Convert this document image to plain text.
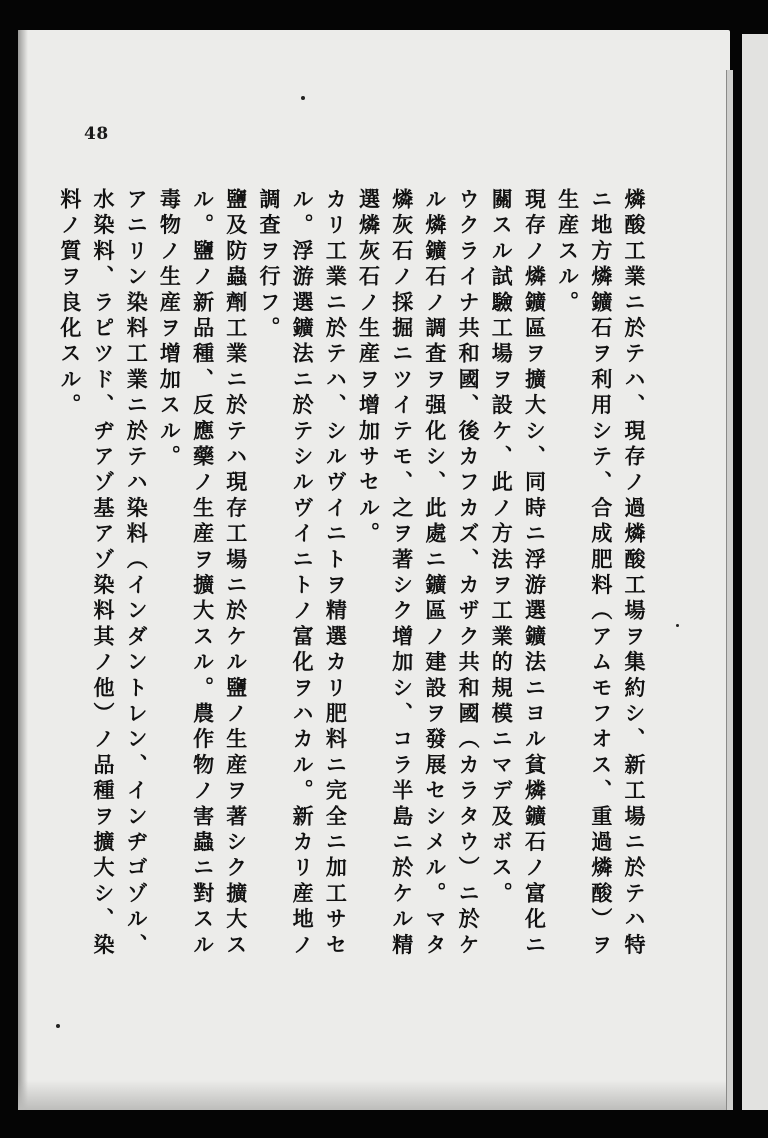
48
燐酸工業ニ於テハ、現存ノ過燐酸工場ヲ集約シ、新工場ニ於テハ特
ニ地方燐鑛石ヲ利用シテ、合成肥料（アムモフオス、重過燐酸）ヲ
生産スル。
現存ノ燐鑛區ヲ擴大シ、同時ニ浮游選鑛法ニヨル貧燐鑛石ノ富化ニ
關スル試驗工場ヲ設ケ、此ノ方法ヲ工業的規模ニマデ及ボス。
ウクライナ共和國、後カフカズ、カザク共和國（カラタウ）ニ於ケ
ル燐鑛石ノ調査ヲ强化シ、此處ニ鑛區ノ建設ヲ發展セシメル。マタ
燐灰石ノ採掘ニツイテモ、之ヲ著シク增加シ、コラ半島ニ於ケル精
選燐灰石ノ生産ヲ增加サセル。
カリ工業ニ於テハ、シルヴイニトヲ精選カリ肥料ニ完全ニ加工サセ
ル。浮游選鑛法ニ於テシルヴイニトノ富化ヲハカル。新カリ産地ノ
調査ヲ行フ。
鹽及防蟲劑工業ニ於テハ現存工場ニ於ケル鹽ノ生産ヲ著シク擴大ス
ル。鹽ノ新品種、反應藥ノ生産ヲ擴大スル。農作物ノ害蟲ニ對スル
毒物ノ生産ヲ增加スル。
アニリン染料工業ニ於テハ染料（インダントレン、インヂゴゾル、
水染料、ラピツド、ヂアゾ基アゾ染料其ノ他）ノ品種ヲ擴大シ、染
料ノ質ヲ良化スル。
